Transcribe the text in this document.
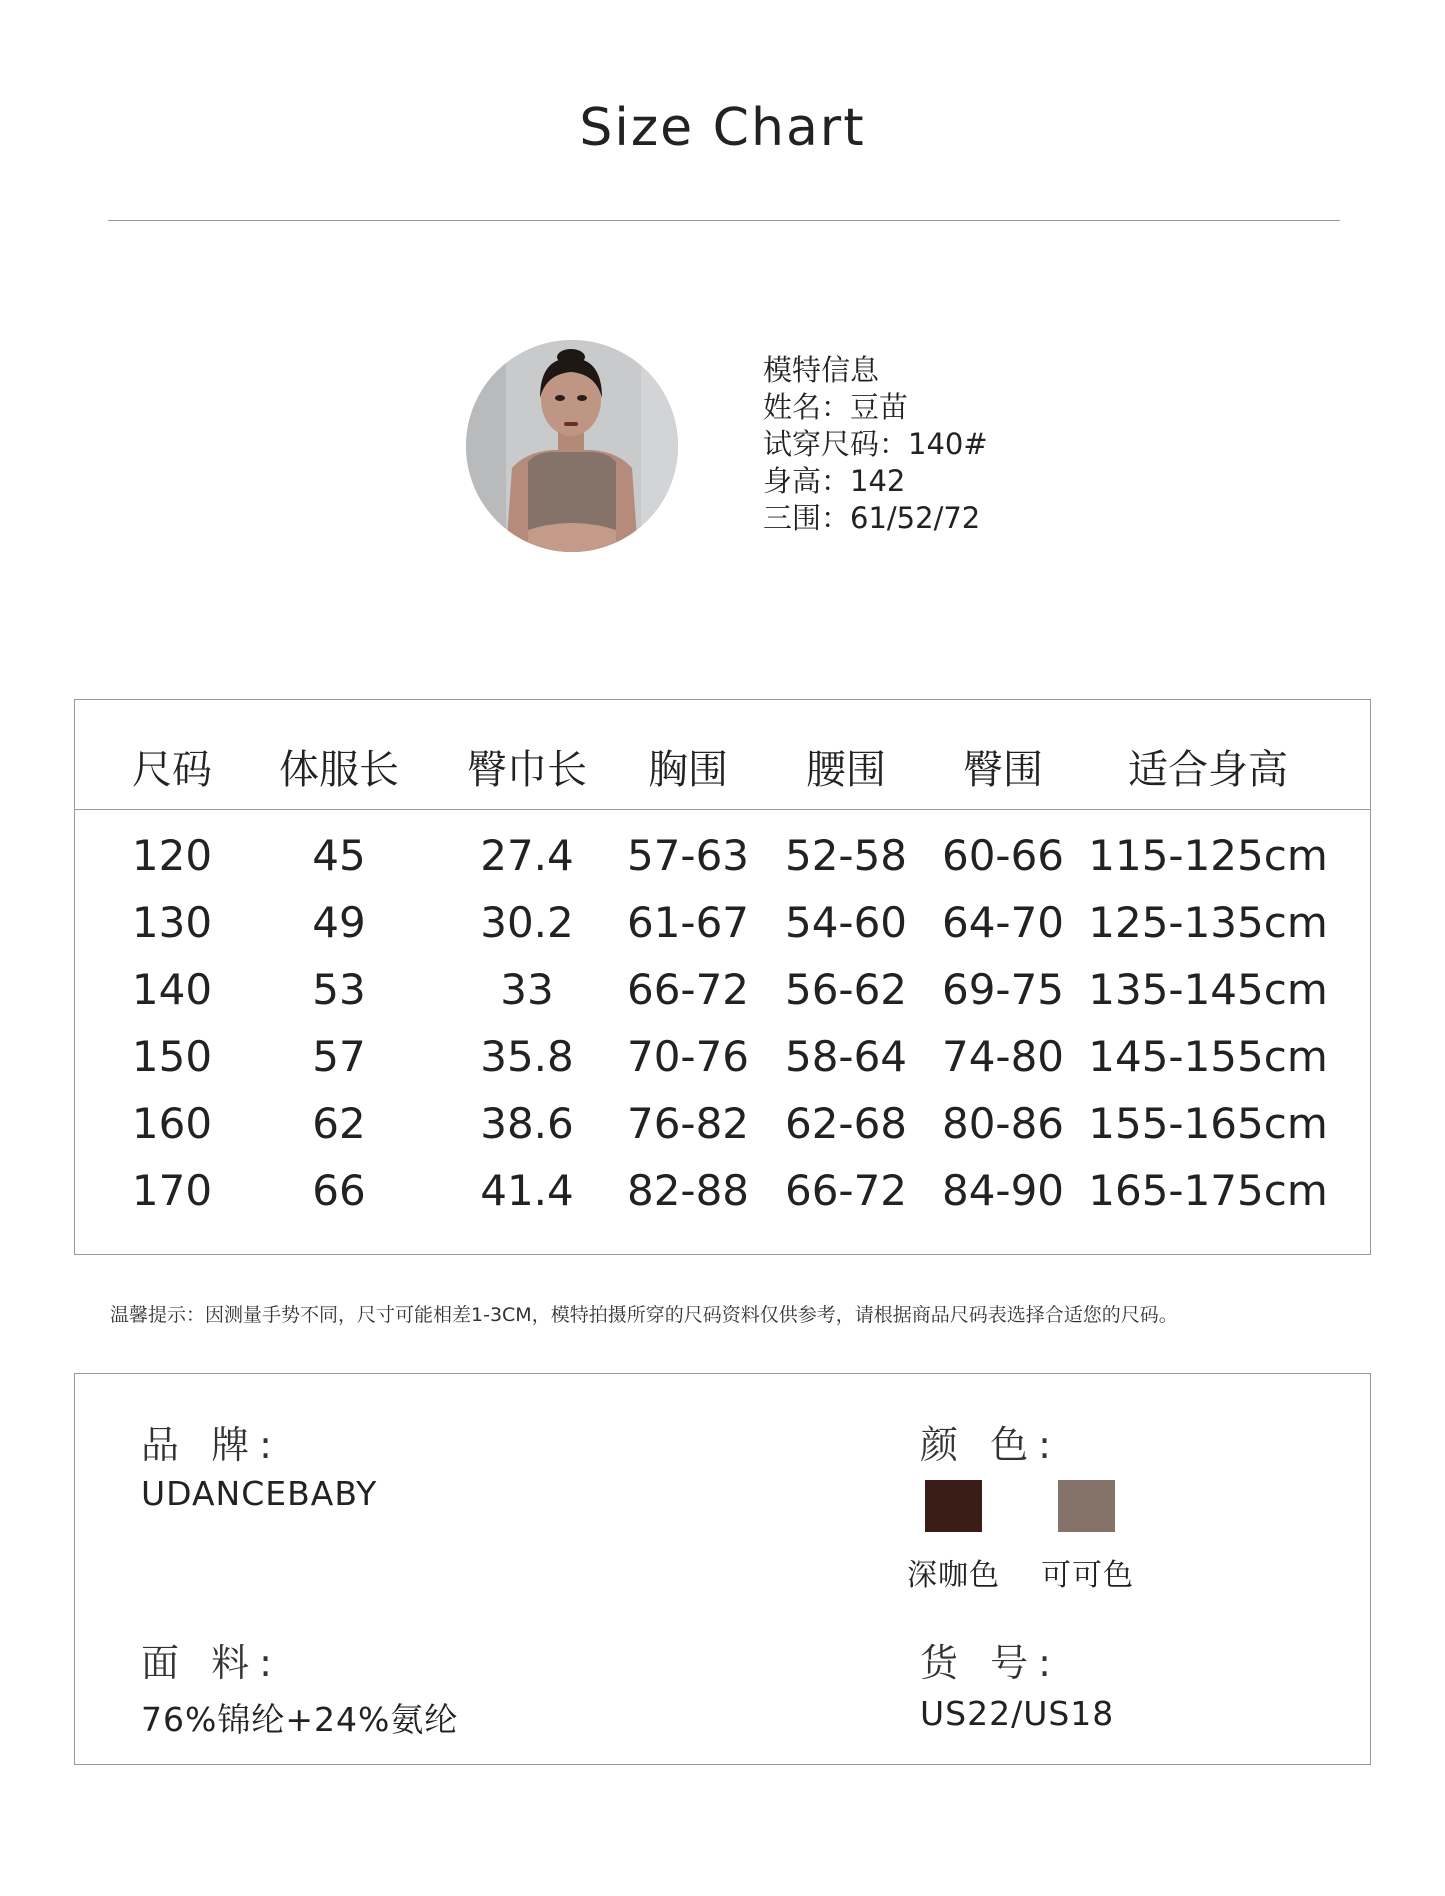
Size Chart
模特信息
姓名：豆苗
试穿尺码：140#
身高：142
三围：61/52/72
尺码 体服长 臀巾长 胸围 腰围 臀围 适合身高
120 45	27.4 57-63 52-58 60-66 115-125cm
130 49	30.2 61-67 54-60 64-70 125-135cm
140 53	33 66-72 56-62 69-75 135-145cm
150 57	35.8 70-76 58-64 74-80 145-155cm
160 62	38.6 76-82 62-68 80-86 155-165cm
170 66	41.4 82-88 66-72 84-90 165-175cm
温馨提示：因测量手势不同，尺寸可能相差1-3CM，模特拍摄所穿的尺码资料仅供参考，请根据商品尺码表选择合适您的尺码。
品 牌:
UDANCEBABY
面 料:
76%锦纶+24%氨纶
颜 色:
深咖色 可可色
货 号:
US22/US18
